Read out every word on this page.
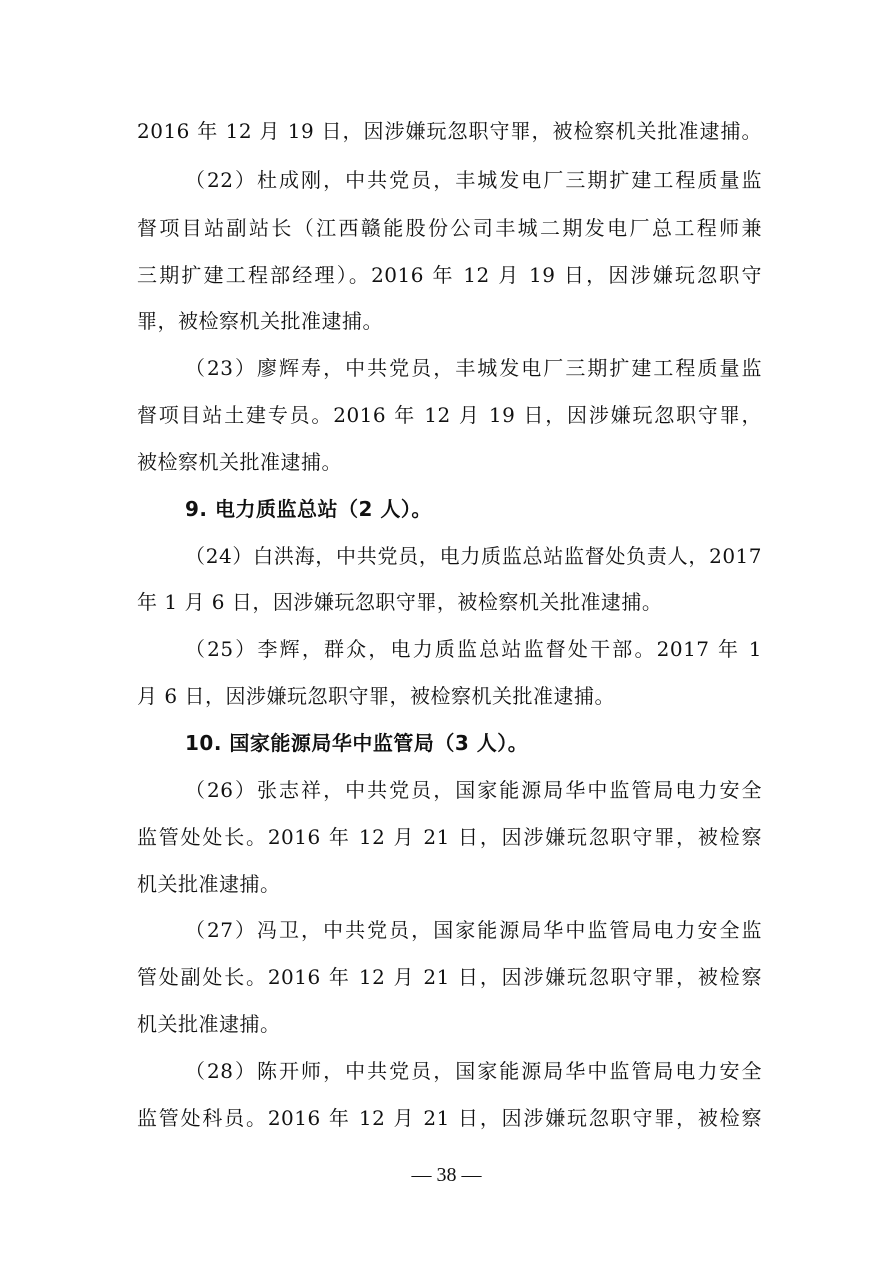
2016 年 12 月 19 日，因涉嫌玩忽职守罪，被检察机关批准逮捕。
（22）杜成刚，中共党员，丰城发电厂三期扩建工程质量监
督项目站副站长（江西赣能股份公司丰城二期发电厂总工程师兼
三期扩建工程部经理）。2016 年 12 月 19 日，因涉嫌玩忽职守
罪，被检察机关批准逮捕。
（23）廖辉寿，中共党员，丰城发电厂三期扩建工程质量监
督项目站土建专员。2016 年 12 月 19 日，因涉嫌玩忽职守罪，
被检察机关批准逮捕。
9. 电力质监总站（2 人）。
（24）白洪海，中共党员，电力质监总站监督处负责人，2017
年 1 月 6 日，因涉嫌玩忽职守罪，被检察机关批准逮捕。
（25）李辉，群众，电力质监总站监督处干部。2017 年 1
月 6 日，因涉嫌玩忽职守罪，被检察机关批准逮捕。
10. 国家能源局华中监管局（3 人）。
（26）张志祥，中共党员，国家能源局华中监管局电力安全
监管处处长。2016 年 12 月 21 日，因涉嫌玩忽职守罪，被检察
机关批准逮捕。
（27）冯卫，中共党员，国家能源局华中监管局电力安全监
管处副处长。2016 年 12 月 21 日，因涉嫌玩忽职守罪，被检察
机关批准逮捕。
（28）陈开师，中共党员，国家能源局华中监管局电力安全
监管处科员。2016 年 12 月 21 日，因涉嫌玩忽职守罪，被检察
— 38 —
